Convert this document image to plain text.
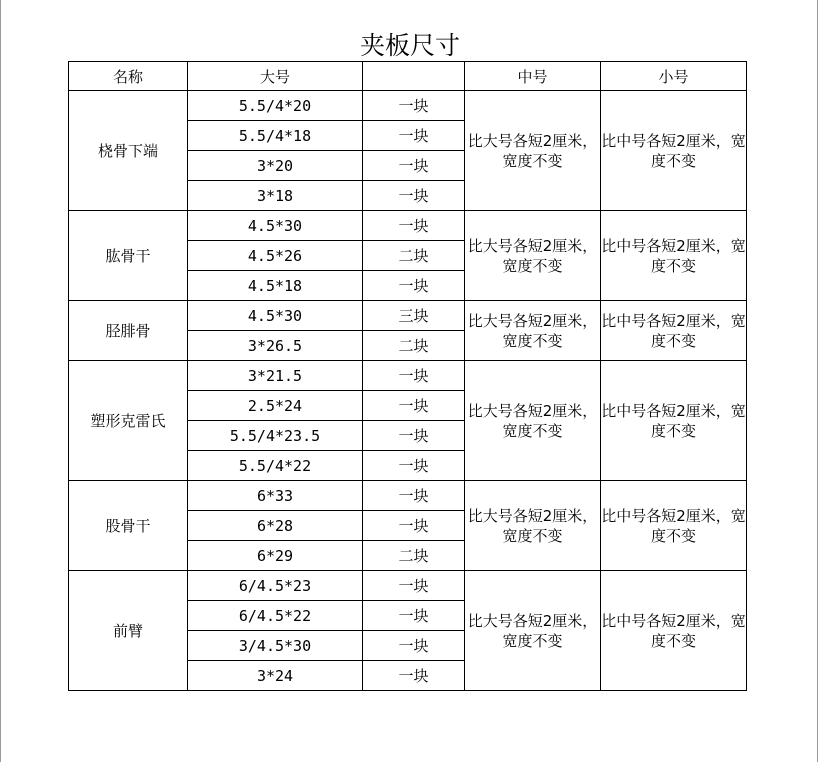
夹板尺寸
名称	大号		中号	小号
桡骨下端	5.5/4*20	一块	比大号各短2厘米，宽度不变	比中号各短2厘米，宽度不变
	5.5/4*18	一块		
	3*20	一块		
	3*18	一块		
肱骨干	4.5*30	一块	比大号各短2厘米，宽度不变	比中号各短2厘米，宽度不变
	4.5*26	二块		
	4.5*18	一块		
胫腓骨	4.5*30	三块	比大号各短2厘米，宽度不变	比中号各短2厘米，宽度不变
	3*26.5	二块		
塑形克雷氏	3*21.5	一块	比大号各短2厘米，宽度不变	比中号各短2厘米，宽度不变
	2.5*24	一块		
	5.5/4*23.5	一块		
	5.5/4*22	一块		
股骨干	6*33	一块	比大号各短2厘米，宽度不变	比中号各短2厘米，宽度不变
	6*28	一块		
	6*29	二块		
前臂	6/4.5*23	一块	比大号各短2厘米，宽度不变	比中号各短2厘米，宽度不变
	6/4.5*22	一块		
	3/4.5*30	一块		
	3*24	一块		
